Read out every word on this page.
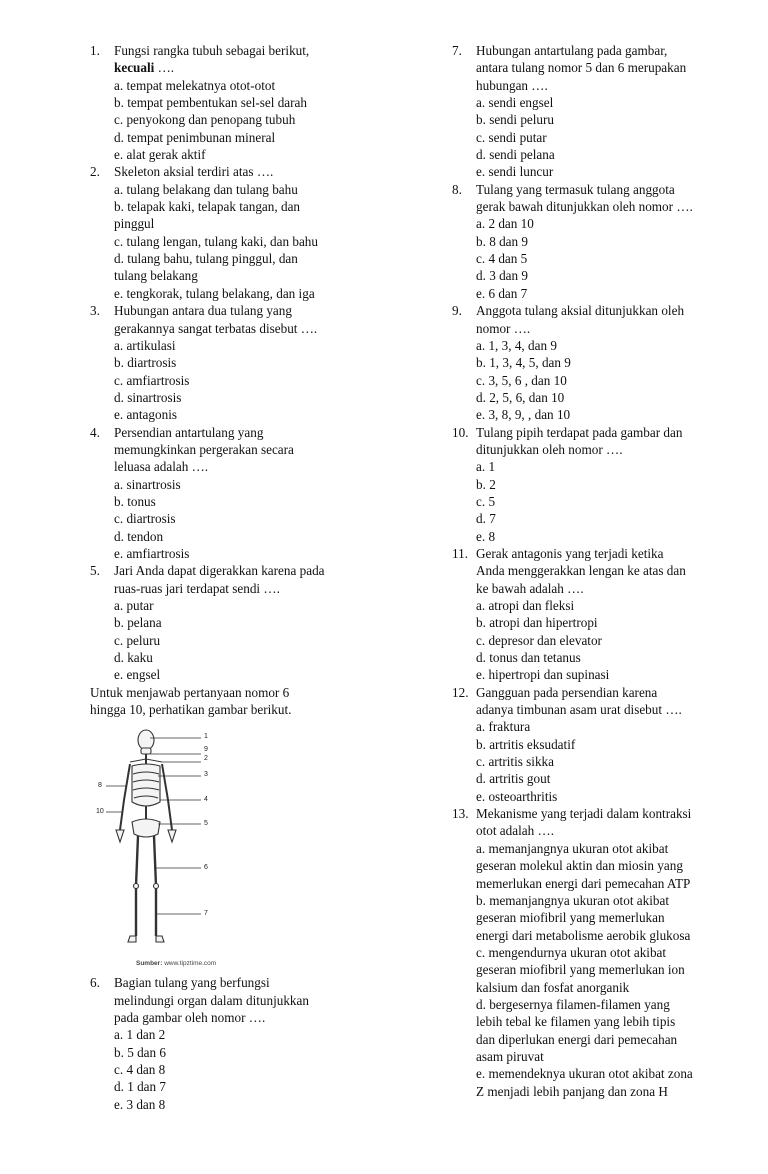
1. Fungsi rangka tubuh sebagai berikut,
kecuali ….
a. tempat melekatnya otot-otot
b. tempat pembentukan sel-sel darah
c. penyokong dan penopang tubuh
d. tempat penimbunan mineral
e. alat gerak aktif
2. Skeleton aksial terdiri atas ….
a. tulang belakang dan tulang bahu
b. telapak kaki, telapak tangan, dan
pinggul
c. tulang lengan, tulang kaki, dan bahu
d. tulang bahu, tulang pinggul, dan
tulang belakang
e. tengkorak, tulang belakang, dan iga
3. Hubungan antara dua tulang yang
gerakannya sangat terbatas disebut ….
a. artikulasi
b. diartrosis
c. amfiartrosis
d. sinartrosis
e. antagonis
4. Persendian antartulang yang
memungkinkan pergerakan secara
leluasa adalah ….
a. sinartrosis
b. tonus
c. diartrosis
d. tendon
e. amfiartrosis
5. Jari Anda dapat digerakkan karena pada
ruas-ruas jari terdapat sendi ….
a. putar
b. pelana
c. peluru
d. kaku
e. engsel
Untuk menjawab pertanyaan nomor 6
hingga 10, perhatikan gambar berikut.
1
9
2
3
4
5
6
7
8
10
Sumber: www.tipztime.com
6. Bagian tulang yang berfungsi
melindungi organ dalam ditunjukkan
pada gambar oleh nomor ….
a. 1 dan 2
b. 5 dan 6
c. 4 dan 8
d. 1 dan 7
e. 3 dan 8
7. Hubungan antartulang pada gambar,
antara tulang nomor 5 dan 6 merupakan
hubungan ….
a. sendi engsel
b. sendi peluru
c. sendi putar
d. sendi pelana
e. sendi luncur
8. Tulang yang termasuk tulang anggota
gerak bawah ditunjukkan oleh nomor ….
a. 2 dan 10
b. 8 dan 9
c. 4 dan 5
d. 3 dan 9
e. 6 dan 7
9. Anggota tulang aksial ditunjukkan oleh
nomor ….
a. 1, 3, 4, dan 9
b. 1, 3, 4, 5, dan 9
c. 3, 5, 6 , dan 10
d. 2, 5, 6, dan 10
e. 3, 8, 9, , dan 10
10. Tulang pipih terdapat pada gambar dan
ditunjukkan oleh nomor ….
a. 1
b. 2
c. 5
d. 7
e. 8
11. Gerak antagonis yang terjadi ketika
Anda menggerakkan lengan ke atas dan
ke bawah adalah ….
a. atropi dan fleksi
b. atropi dan hipertropi
c. depresor dan elevator
d. tonus dan tetanus
e. hipertropi dan supinasi
12. Gangguan pada persendian karena
adanya timbunan asam urat disebut ….
a. fraktura
b. artritis eksudatif
c. artritis sikka
d. artritis gout
e. osteoarthritis
13. Mekanisme yang terjadi dalam kontraksi
otot adalah ….
a. memanjangnya ukuran otot akibat
geseran molekul aktin dan miosin yang
memerlukan energi dari pemecahan ATP
b. memanjangnya ukuran otot akibat
geseran miofibril yang memerlukan
energi dari metabolisme aerobik glukosa
c. mengendurnya ukuran otot akibat
geseran miofibril yang memerlukan ion
kalsium dan fosfat anorganik
d. bergesernya filamen-filamen yang
lebih tebal ke filamen yang lebih tipis
dan diperlukan energi dari pemecahan
asam piruvat
e. memendeknya ukuran otot akibat zona
Z menjadi lebih panjang dan zona H
